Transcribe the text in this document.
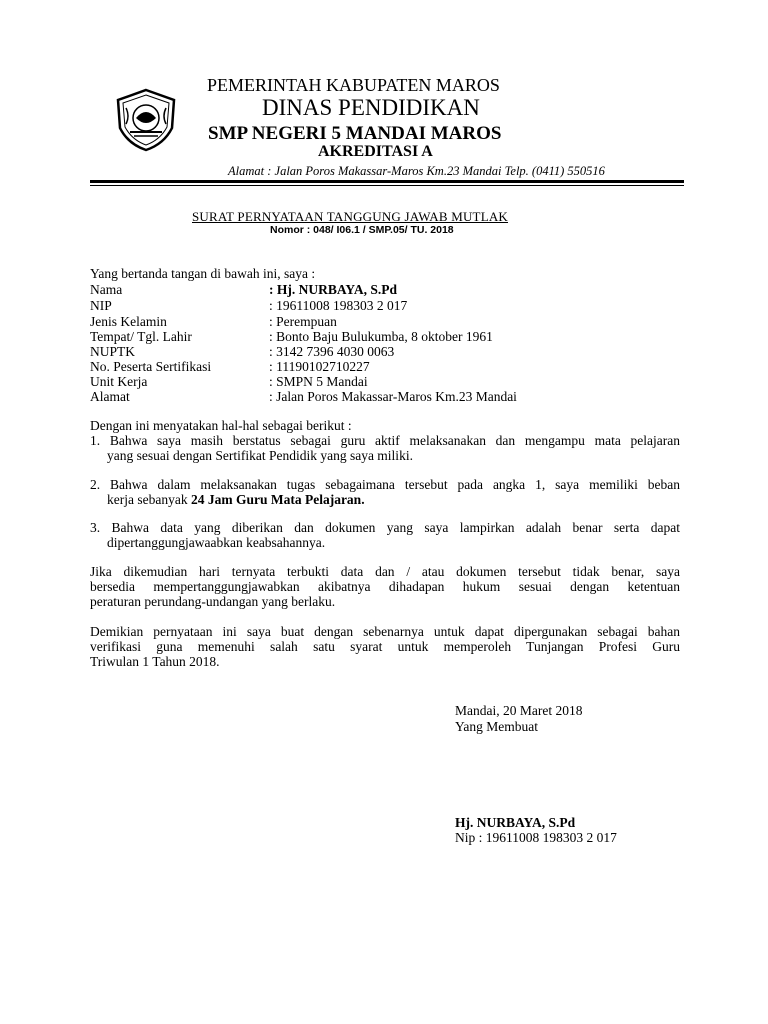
PEMERINTAH KABUPATEN MAROS
DINAS PENDIDIKAN
SMP NEGERI 5 MANDAI MAROS
AKREDITASI A
Alamat : Jalan Poros Makassar-Maros Km.23 Mandai Telp. (0411) 550516
SURAT PERNYATAAN TANGGUNG JAWAB MUTLAK
Nomor : 048/ I06.1 / SMP.05/ TU. 2018
Yang bertanda tangan di bawah ini, saya :
Nama	: Hj. NURBAYA, S.Pd
NIP	: 19611008 198303 2 017
Jenis Kelamin	: Perempuan
Tempat/ Tgl. Lahir	: Bonto Baju Bulukumba, 8 oktober 1961
NUPTK	: 3142 7396 4030 0063
No. Peserta Sertifikasi	: 11190102710227
Unit Kerja	: SMPN 5 Mandai
Alamat	: Jalan Poros Makassar-Maros Km.23 Mandai
Dengan ini menyatakan hal-hal sebagai berikut :
1. Bahwa saya masih berstatus sebagai guru aktif melaksanakan dan mengampu mata pelajaran
yang sesuai dengan Sertifikat Pendidik yang saya miliki.
2. Bahwa dalam melaksanakan tugas sebagaimana tersebut pada angka 1, saya memiliki beban
kerja sebanyak 24 Jam Guru Mata Pelajaran.
3. Bahwa data yang diberikan dan dokumen yang saya lampirkan adalah benar serta dapat
dipertanggungjawaabkan keabsahannya.
Jika dikemudian hari ternyata terbukti data dan / atau dokumen tersebut tidak benar, saya
bersedia mempertanggungjawabkan akibatnya dihadapan hukum sesuai dengan ketentuan
peraturan perundang-undangan yang berlaku.
Demikian pernyataan ini saya buat dengan sebenarnya untuk dapat dipergunakan sebagai bahan
verifikasi guna memenuhi salah satu syarat untuk memperoleh Tunjangan Profesi Guru
Triwulan 1 Tahun 2018.
Mandai, 20 Maret 2018
Yang Membuat
Hj. NURBAYA, S.Pd
Nip : 19611008 198303 2 017
